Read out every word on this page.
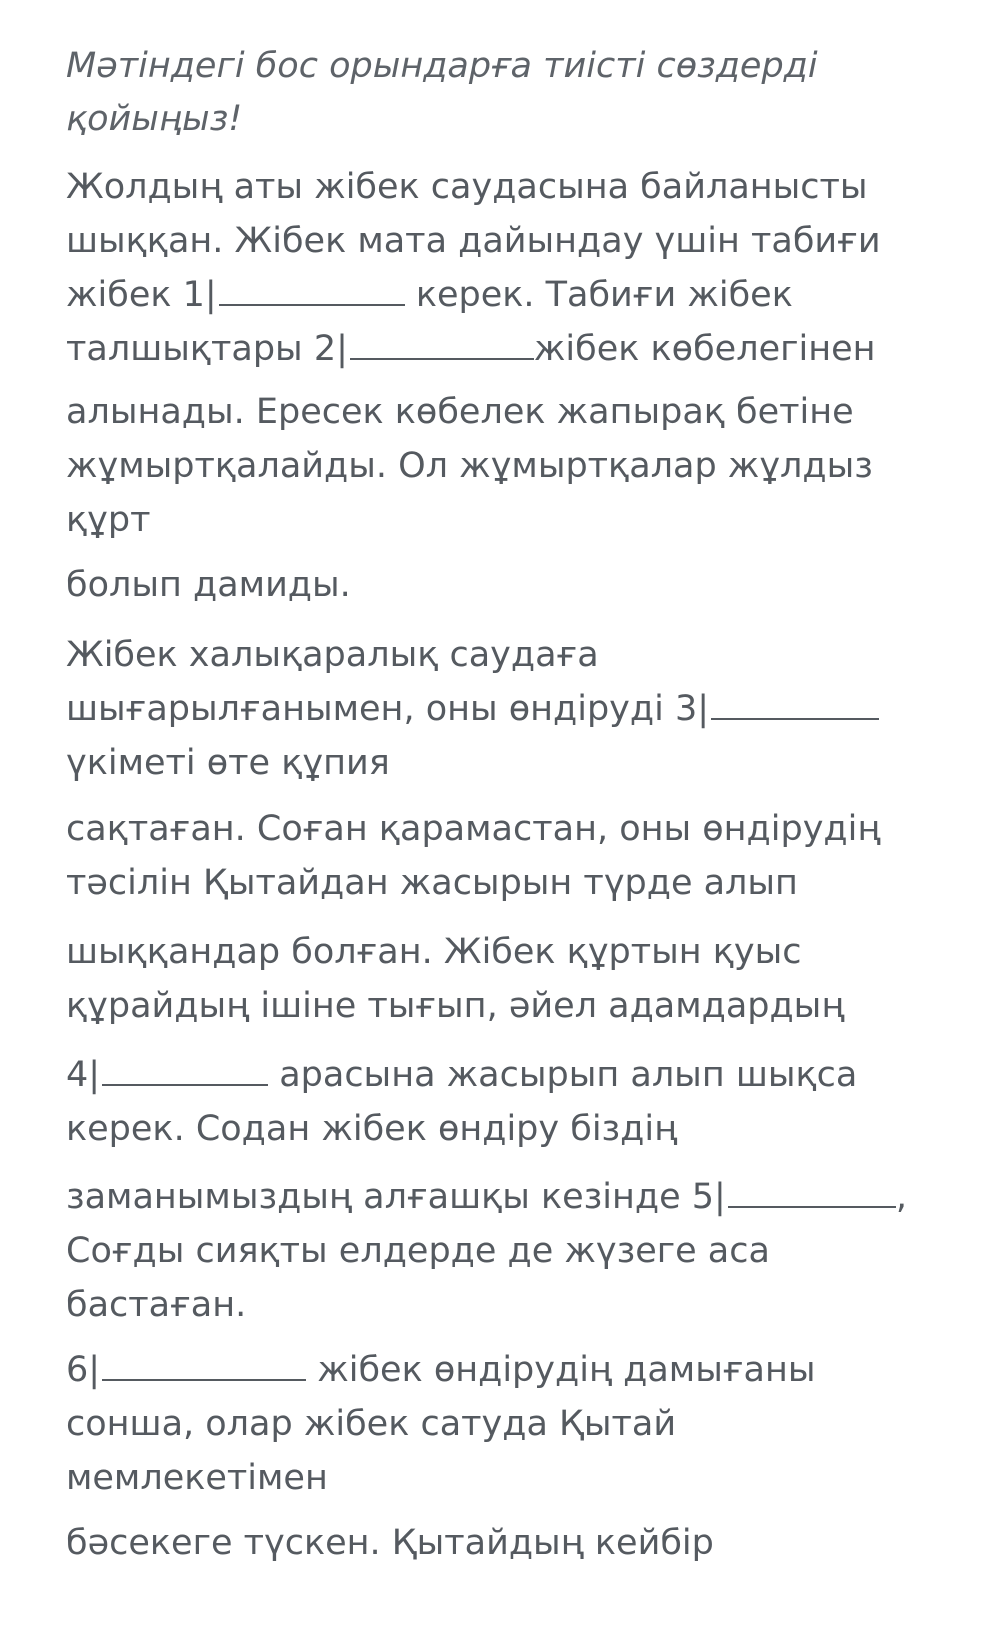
Мәтіндегі бос орындарға тиісті сөздерді қойыңыз!
Жолдың аты жібек саудасына байланысты
шыққан. Жібек мата дайындау үшін табиғи
жібек 1|	керек. Табиғи жібек
талшықтары 2|	жібек көбелегінен
алынады. Ересек көбелек жапырақ бетіне
жұмыртқалайды. Ол жұмыртқалар жұлдыз
құрт
болып дамиды.
Жібек халықаралық саудаға
шығарылғанымен, оны өндіруді 3|
үкіметі өте құпия
сақтаған. Соған қарамастан, оны өндірудің
тәсілін Қытайдан жасырын түрде алып
шыққандар болған. Жібек құртын қуыс
құрайдың ішіне тығып, әйел адамдардың
4|	арасына жасырып алып шықса
керек. Содан жібек өндіру біздің
заманымыздың алғашқы кезінде 5|	,
Соғды сияқты елдерде де жүзеге аса
бастаған.
6|	жібек өндірудің дамығаны
сонша, олар жібек сатуда Қытай
мемлекетімен
бәсекеге түскен. Қытайдың кейбір
